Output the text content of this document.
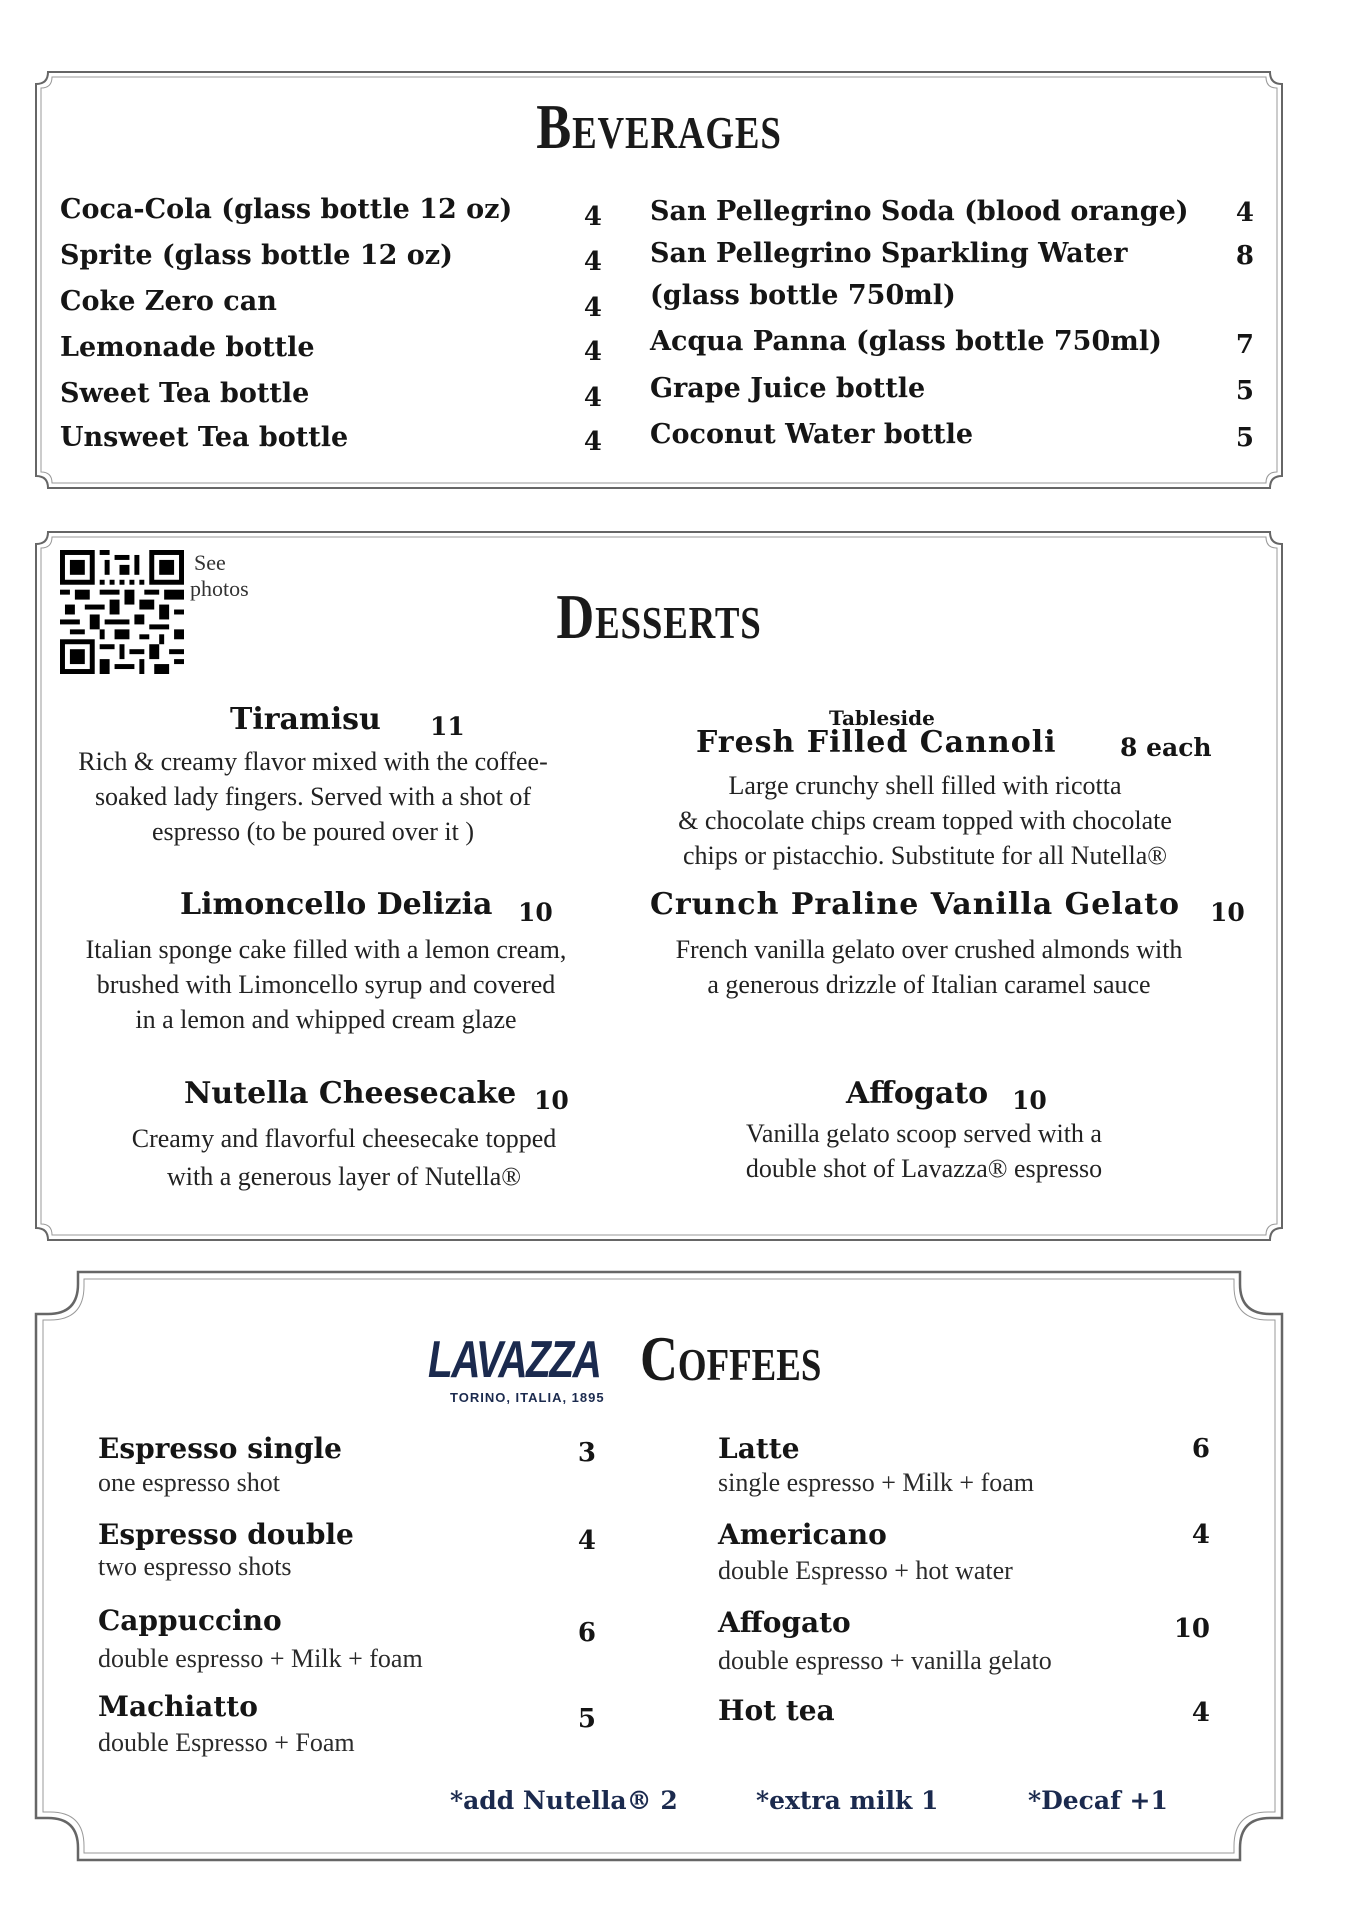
Beverages
Coca-Cola (glass bottle 12 oz)	4
Sprite (glass bottle 12 oz)	4
Coke Zero can	4
Lemonade bottle	4
Sweet Tea bottle	4
Unsweet Tea bottle	4
San Pellegrino Soda (blood orange)	4
San Pellegrino Sparkling Water
(glass bottle 750ml)
8
Acqua Panna (glass bottle 750ml)	7
Grape Juice bottle	5
Coconut Water bottle	5
See
photos	Desserts
Tiramisu 11
Rich & creamy flavor mixed with the coffee-
soaked lady fingers. Served with a shot of
espresso (to be poured over it )
Tableside
Fresh Filled Cannoli	8 each
Large crunchy shell filled with ricotta
& chocolate chips cream topped with chocolate
chips or pistacchio. Substitute for all Nutella®
Limoncello Delizia 10
Italian sponge cake filled with a lemon cream,
brushed with Limoncello syrup and covered
in a lemon and whipped cream glaze
Crunch Praline Vanilla Gelato 10
French vanilla gelato over crushed almonds with
a generous drizzle of Italian caramel sauce
Nutella Cheesecake 10
Creamy and flavorful cheesecake topped
with a generous layer of Nutella®
Affogato 10
Vanilla gelato scoop served with a
double shot of Lavazza® espresso
LAVAZZA
TORINO, ITALIA, 1895
Coffees
Espresso single
one espresso shot
3
Espresso double
two espresso shots
4
Cappuccino
double espresso + Milk + foam
6
Machiatto
double Espresso + Foam
5
Latte
single espresso + Milk + foam
6
Americano
double Espresso + hot water
4
Affogato
double espresso + vanilla gelato
10
Hot tea	4
*add Nutella® 2	*extra milk 1	*Decaf +1
